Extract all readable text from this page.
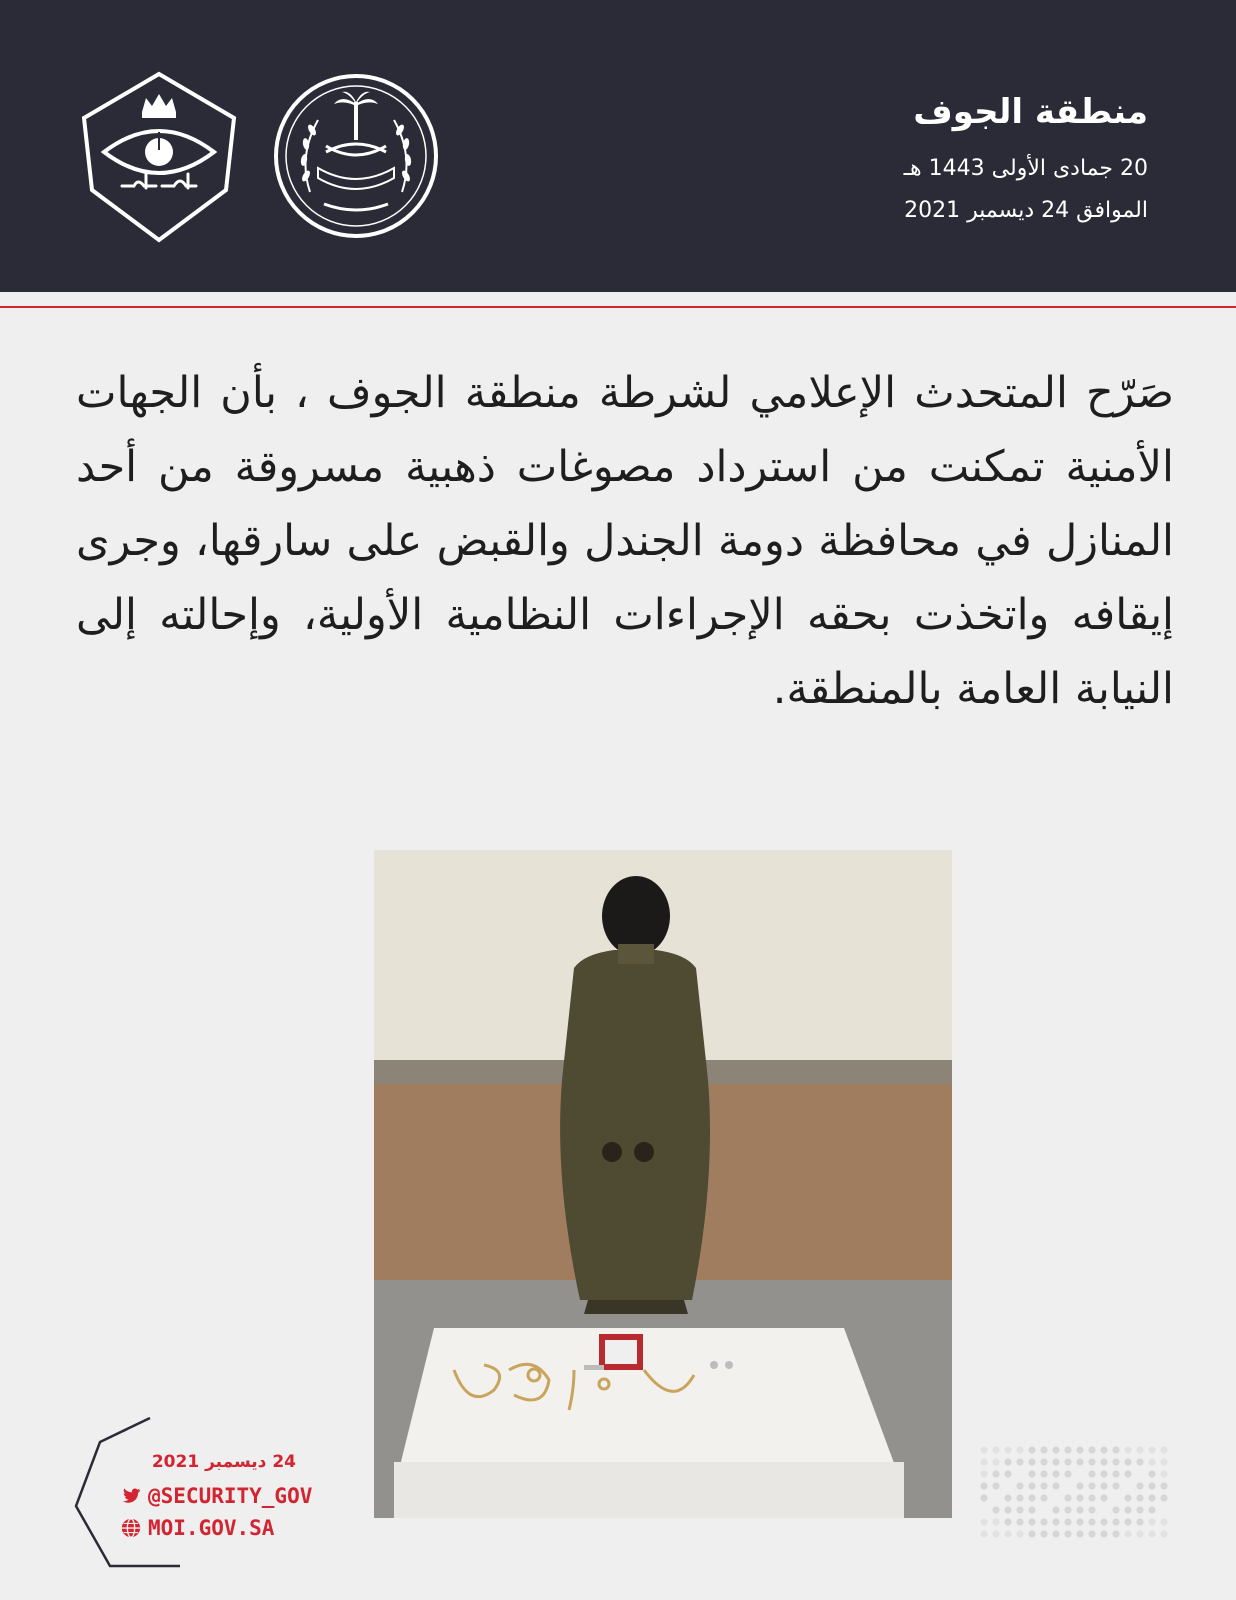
منطقة الجوف
20 جمادى الأولى 1443 هـ
الموافق 24 ديسمبر 2021
صَرّح المتحدث الإعلامي لشرطة منطقة الجوف ، بأن الجهات الأمنية تمكنت من استرداد مصوغات ذهبية مسروقة من أحد المنازل في محافظة دومة الجندل والقبض على سارقها، وجرى إيقافه واتخذت بحقه الإجراءات النظامية الأولية، وإحالته إلى النيابة العامة بالمنطقة.
24 ديسمبر 2021
@SECURITY_GOV
MOI.GOV.SA
